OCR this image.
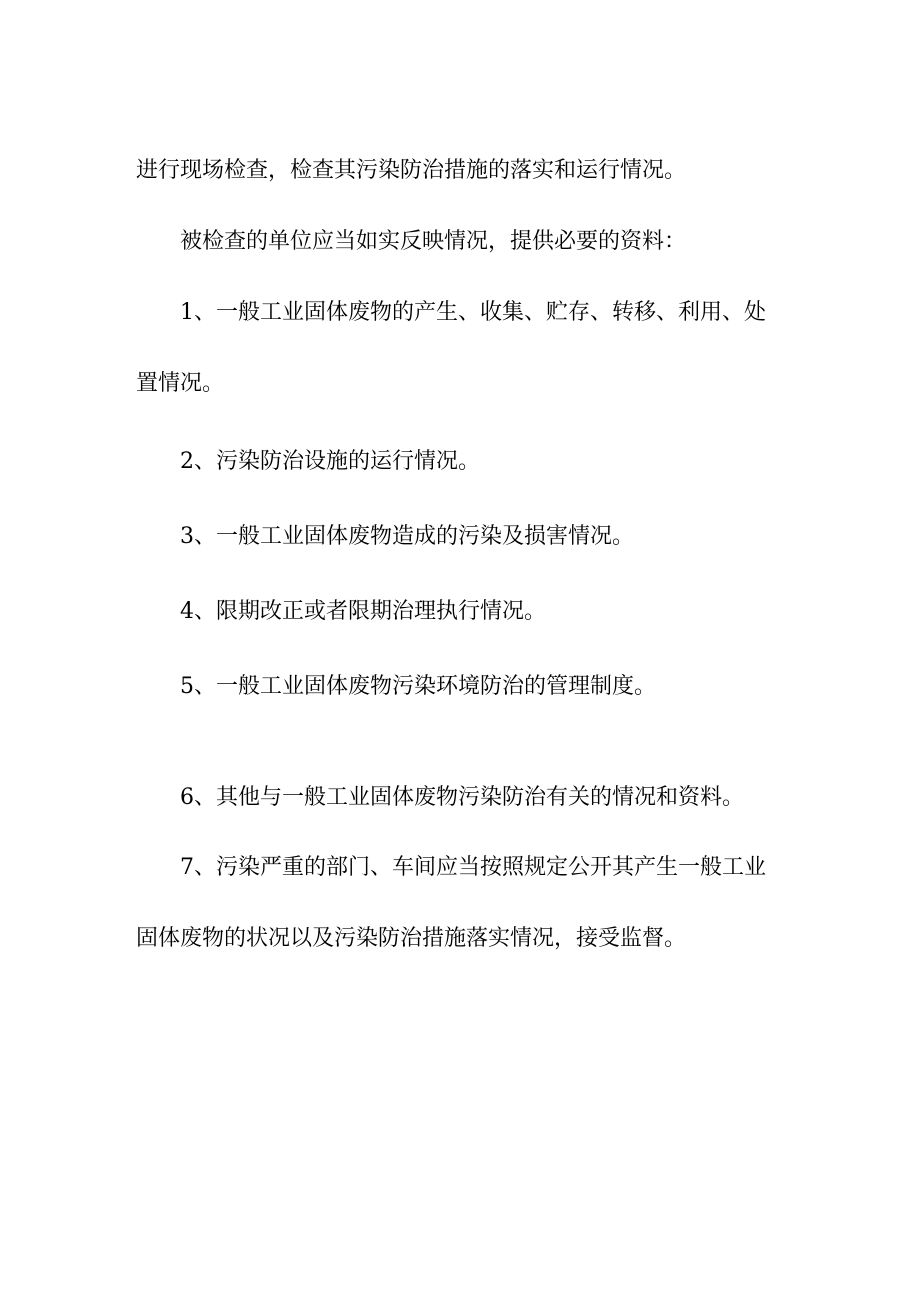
进行现场检查，检查其污染防治措施的落实和运行情况。

被检查的单位应当如实反映情况，提供必要的资料：

1、一般工业固体废物的产生、收集、贮存、转移、利用、处

置情况。

2、污染防治设施的运行情况。

3、一般工业固体废物造成的污染及损害情况。

4、限期改正或者限期治理执行情况。

5、一般工业固体废物污染环境防治的管理制度。

6、其他与一般工业固体废物污染防治有关的情况和资料。

7、污染严重的部门、车间应当按照规定公开其产生一般工业

固体废物的状况以及污染防治措施落实情况，接受监督。
